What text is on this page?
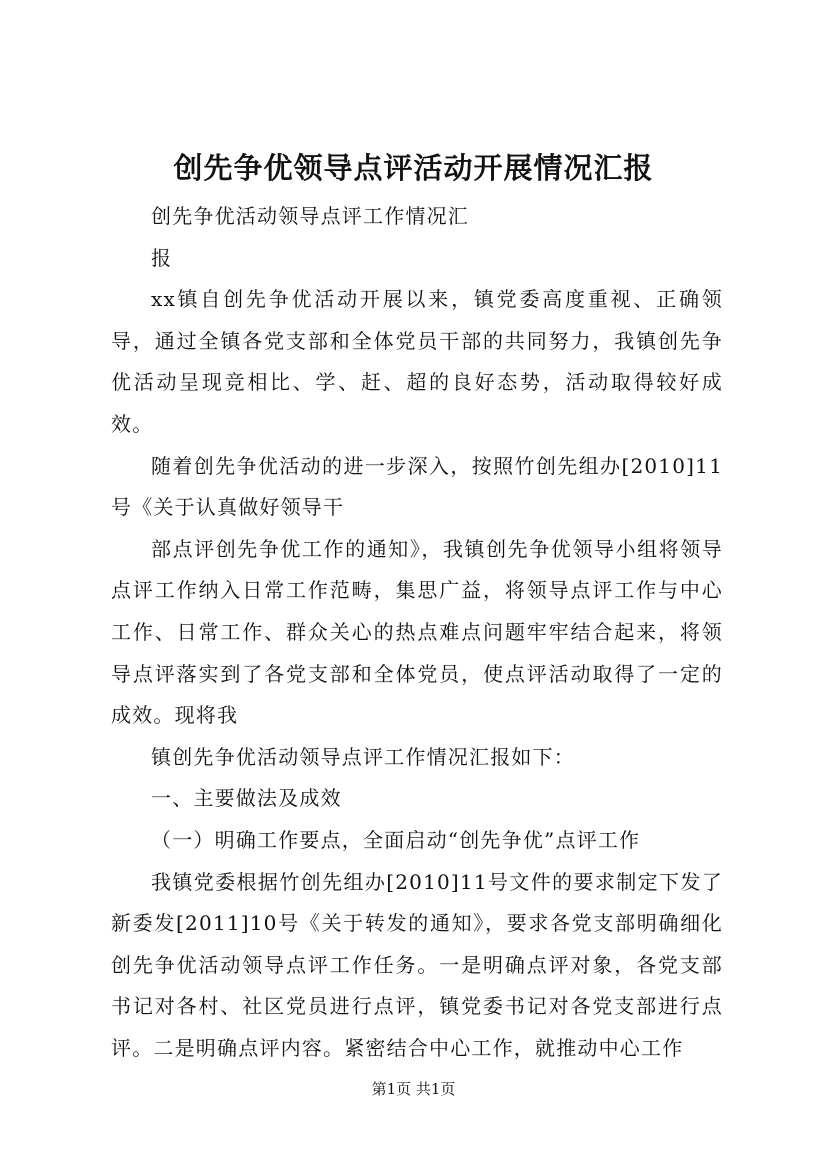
创先争优领导点评活动开展情况汇报

创先争优活动领导点评工作情况汇

报

xx镇自创先争优活动开展以来，镇党委高度重视、正确领导，通过全镇各党支部和全体党员干部的共同努力，我镇创先争优活动呈现竞相比、学、赶、超的良好态势，活动取得较好成效。

随着创先争优活动的进一步深入，按照竹创先组办[2010]11号《关于认真做好领导干

部点评创先争优工作的通知》，我镇创先争优领导小组将领导点评工作纳入日常工作范畴，集思广益，将领导点评工作与中心工作、日常工作、群众关心的热点难点问题牢牢结合起来，将领导点评落实到了各党支部和全体党员，使点评活动取得了一定的成效。现将我

镇创先争优活动领导点评工作情况汇报如下：

一、主要做法及成效

（一）明确工作要点，全面启动“创先争优”点评工作

我镇党委根据竹创先组办[2010]11号文件的要求制定下发了新委发[2011]10号《关于转发的通知》，要求各党支部明确细化创先争优活动领导点评工作任务。一是明确点评对象，各党支部书记对各村、社区党员进行点评，镇党委书记对各党支部进行点评。二是明确点评内容。紧密结合中心工作，就推动中心工作

第1页 共1页
